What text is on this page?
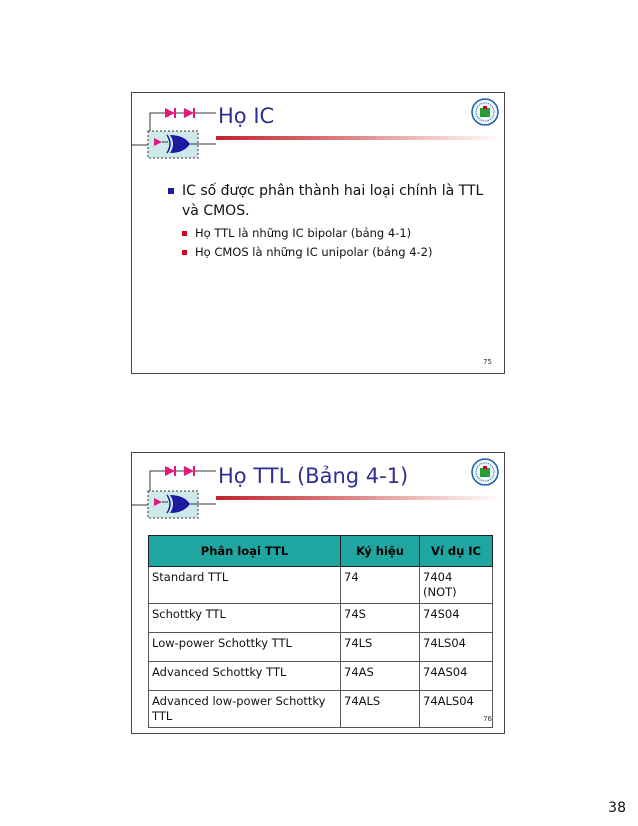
Họ IC
IC số được phân thành hai loại chính là TTL và CMOS.
Họ TTL là những IC bipolar (bảng 4-1)
Họ CMOS là những IC unipolar (bảng 4-2)
75
Họ TTL (Bảng 4-1)
Phân loại TTL	Ký hiệu	Ví dụ IC
Standard TTL	74	7404 (NOT)
Schottky TTL	74S	74S04
Low-power Schottky TTL	74LS	74LS04
Advanced Schottky TTL	74AS	74AS04
Advanced low-power Schottky TTL	74ALS	74ALS04
76
38
